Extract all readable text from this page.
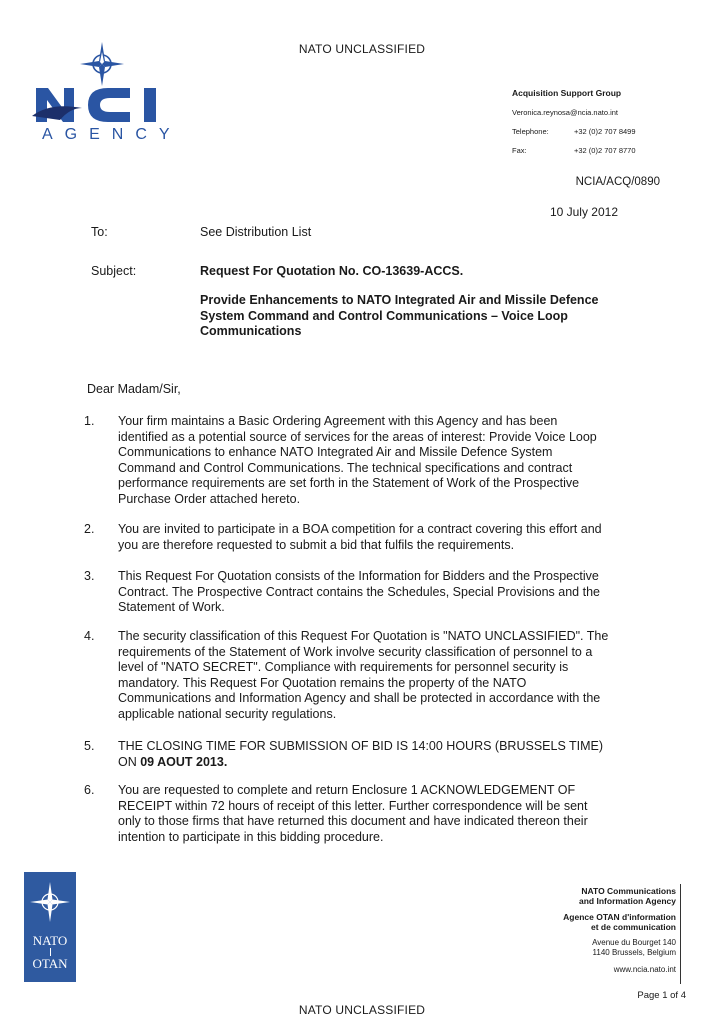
NATO UNCLASSIFIED
AGENCY
Acquisition Support Group
Veronica.reynosa@ncia.nato.int
Telephone:	+32 (0)2 707 8499
Fax:	+32 (0)2 707 8770
NCIA/ACQ/0890
10 July 2012
To:	See Distribution List
Subject:	Request For Quotation No. CO-13639-ACCS.
Provide Enhancements to NATO Integrated Air and Missile Defence System Command and Control Communications – Voice Loop Communications
Dear Madam/Sir,
1. Your firm maintains a Basic Ordering Agreement with this Agency and has been identified as a potential source of services for the areas of interest: Provide Voice Loop Communications to enhance NATO Integrated Air and Missile Defence System Command and Control Communications. The technical specifications and contract performance requirements are set forth in the Statement of Work of the Prospective Purchase Order attached hereto.
2. You are invited to participate in a BOA competition for a contract covering this effort and you are therefore requested to submit a bid that fulfils the requirements.
3. This Request For Quotation consists of the Information for Bidders and the Prospective Contract. The Prospective Contract contains the Schedules, Special Provisions and the Statement of Work.
4. The security classification of this Request For Quotation is "NATO UNCLASSIFIED". The requirements of the Statement of Work involve security classification of personnel to a level of "NATO SECRET". Compliance with requirements for personnel security is mandatory. This Request For Quotation remains the property of the NATO Communications and Information Agency and shall be protected in accordance with the applicable national security regulations.
5. THE CLOSING TIME FOR SUBMISSION OF BID IS 14:00 HOURS (BRUSSELS TIME) ON 09 AOUT 2013.
6. You are requested to complete and return Enclosure 1 ACKNOWLEDGEMENT OF RECEIPT within 72 hours of receipt of this letter. Further correspondence will be sent only to those firms that have returned this document and have indicated thereon their intention to participate in this bidding procedure.
NATO
OTAN
NATO Communications
and Information Agency
Agence OTAN d'information
et de communication
Avenue du Bourget 140
1140 Brussels, Belgium
www.ncia.nato.int
Page 1 of 4
NATO UNCLASSIFIED
